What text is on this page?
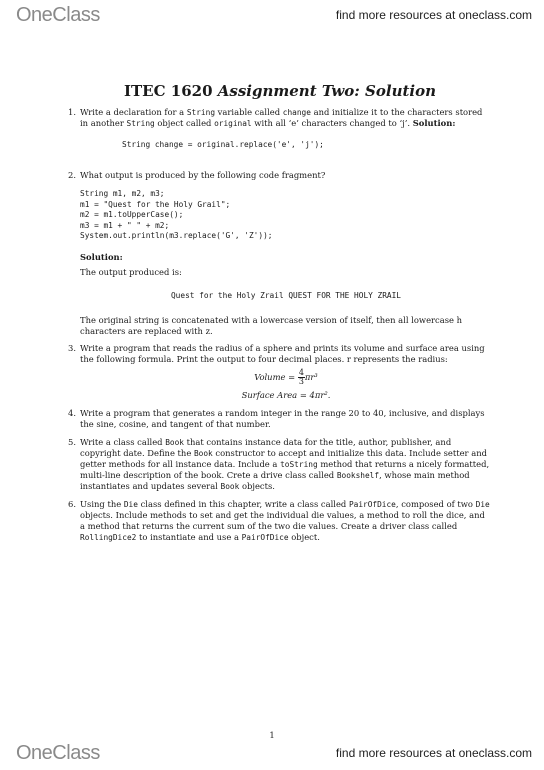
OneClass	find more resources at oneclass.com
ITEC 1620 Assignment Two: Solution
1. Write a declaration for a String variable called change and initialize it to the characters stored in another String object called original with all ‘e’ characters changed to ‘j’. Solution:
String change = original.replace('e', 'j');
2. What output is produced by the following code fragment?
String m1, m2, m3;
m1 = "Quest for the Holy Grail";
m2 = m1.toUpperCase();
m3 = m1 + " " + m2;
System.out.println(m3.replace('G', 'Z'));
Solution:
The output produced is:
Quest for the Holy Zrail QUEST FOR THE HOLY ZRAIL
The original string is concatenated with a lowercase version of itself, then all lowercase h characters are replaced with z.
3. Write a program that reads the radius of a sphere and prints its volume and surface area using the following formula. Print the output to four decimal places. r represents the radius:
Volume = $\frac{4}{3} \pi r^3$
Surface Area = 4πr².
4. Write a program that generates a random integer in the range 20 to 40, inclusive, and displays the sine, cosine, and tangent of that number.
5. Write a class called Book that contains instance data for the title, author, publisher, and copyright date. Define the Book constructor to accept and initialize this data. Include setter and getter methods for all instance data. Include a toString method that returns a nicely formatted, multi-line description of the book. Crete a drive class called Bookshelf, whose main method instantiates and updates several Book objects.
6. Using the Die class defined in this chapter, write a class called PairOfDice, composed of two Die objects. Include methods to set and get the individual die values, a method to roll the dice, and a method that returns the current sum of the two die values. Create a driver class called RollingDice2 to instantiate and use a PairOfDice object.
1
OneClass	find more resources at oneclass.com
